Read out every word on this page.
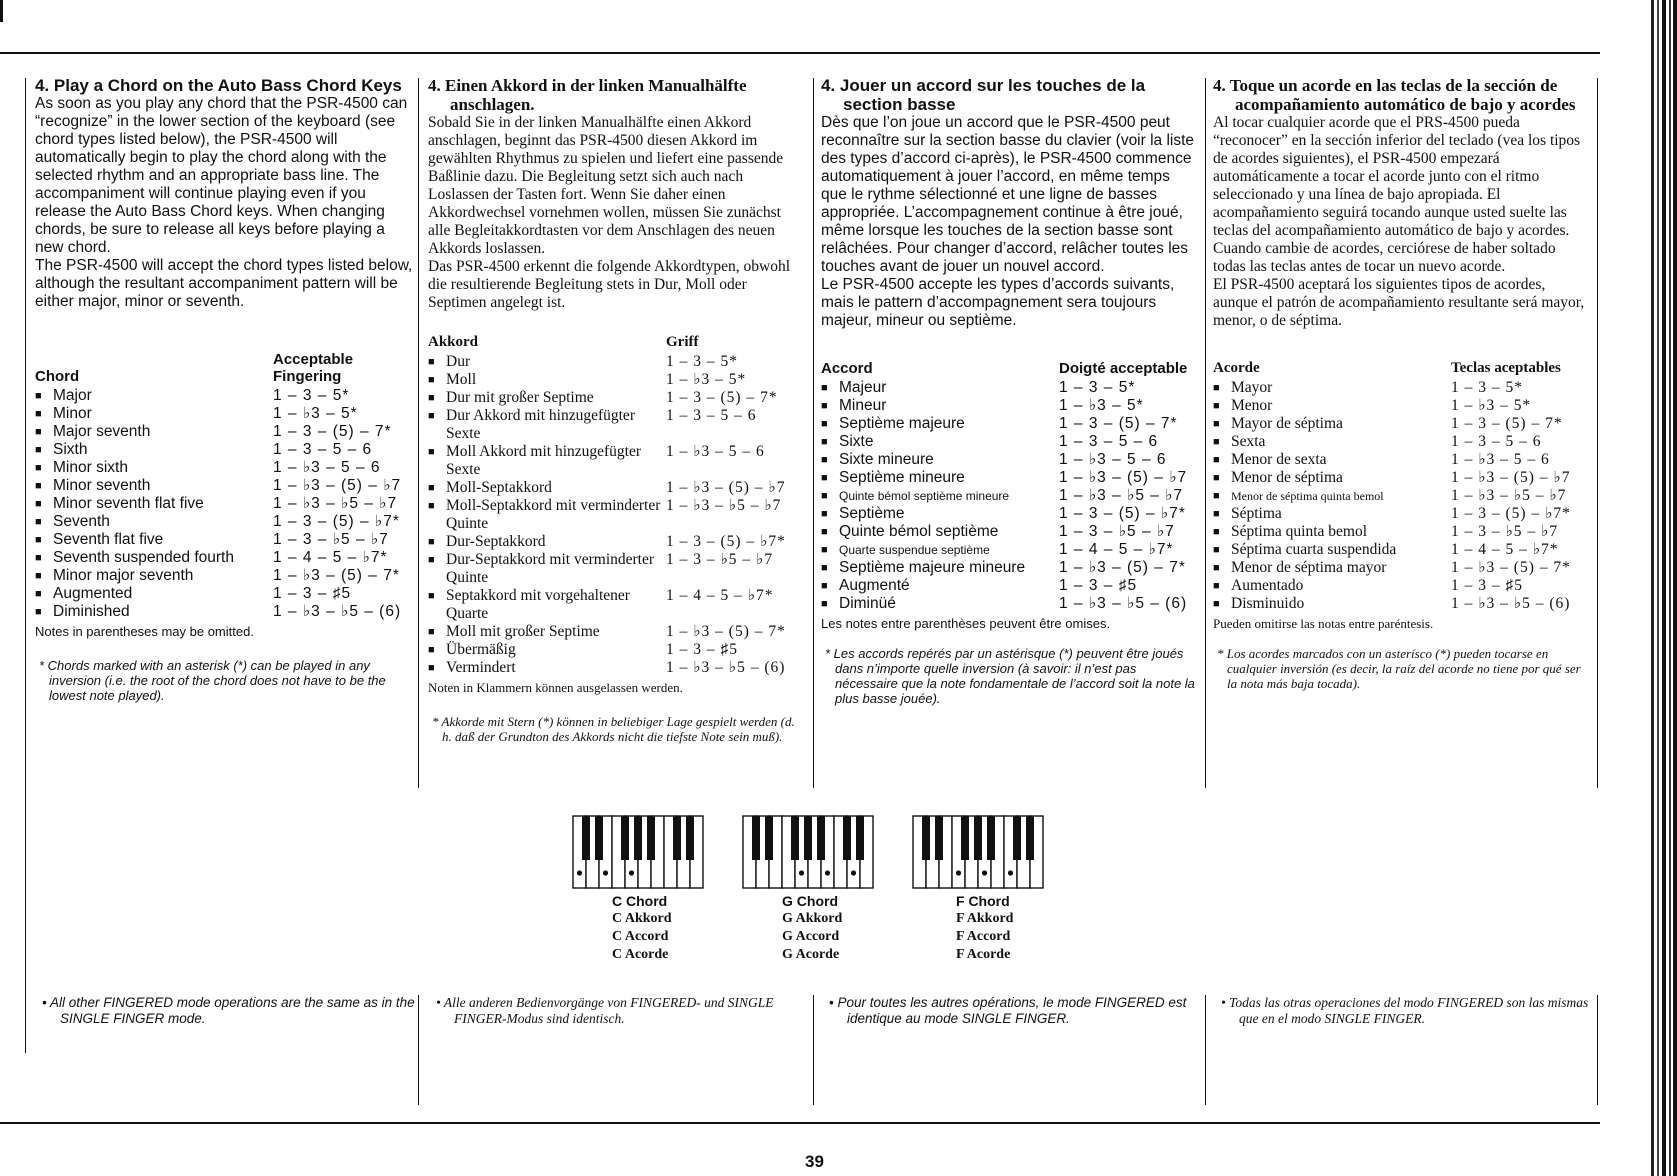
4. Play a Chord on the Auto Bass Chord Keys

As soon as you play any chord that the PSR-4500 can “recognize” in the lower section of the keyboard (see chord types listed below), the PSR-4500 will automatically begin to play the chord along with the selected rhythm and an appropriate bass line. The accompaniment will continue playing even if you release the Auto Bass Chord keys. When changing chords, be sure to release all keys before playing a new chord.

The PSR-4500 will accept the chord types listed below, although the resultant accompaniment pattern will be either major, minor or seventh.

Chord
Acceptable Fingering
■ Major	1 – 3 – 5*
■ Minor	1 – ♭3 – 5*
■ Major seventh	1 – 3 – (5) – 7*
■ Sixth	1 – 3 – 5 – 6
■ Minor sixth	1 – ♭3 – 5 – 6
■ Minor seventh	1 – ♭3 – (5) – ♭7
■ Minor seventh flat five	1 – ♭3 – ♭5 – ♭7
■ Seventh	1 – 3 – (5) – ♭7*
■ Seventh flat five	1 – 3 – ♭5 – ♭7
■ Seventh suspended fourth	1 – 4 – 5 – ♭7*
■ Minor major seventh	1 – ♭3 – (5) – 7*
■ Augmented	1 – 3 – ♯5
■ Diminished	1 – ♭3 – ♭5 – (6)
Notes in parentheses may be omitted.
* Chords marked with an asterisk (*) can be played in any inversion (i.e. the root of the chord does not have to be the lowest note played).
4. Einen Akkord in der linken Manualhälfte anschlagen.

Sobald Sie in der linken Manualhälfte einen Akkord anschlagen, beginnt das PSR-4500 diesen Akkord im gewählten Rhythmus zu spielen und liefert eine passende Baßlinie dazu. Die Begleitung setzt sich auch nach Loslassen der Tasten fort. Wenn Sie daher einen Akkordwechsel vornehmen wollen, müssen Sie zunächst alle Begleitakkordtasten vor dem Anschlagen des neuen Akkords loslassen.

Das PSR-4500 erkennt die folgende Akkordtypen, obwohl die resultierende Begleitung stets in Dur, Moll oder Septimen angelegt ist.

Akkord	Griff
■ Dur	1 – 3 – 5*
■ Moll	1 – ♭3 – 5*
■ Dur mit großer Septime	1 – 3 – (5) – 7*
■ Dur Akkord mit hinzugefügter Sexte
1 – 3 – 5 – 6
■ Moll Akkord mit hinzugefügter Sexte
1 – ♭3 – 5 – 6
■ Moll-Septakkord	1 – ♭3 – (5) – ♭7
■ Moll-Septakkord mit verminderter Quinte
1 – ♭3 – ♭5 – ♭7
■ Dur-Septakkord	1 – 3 – (5) – ♭7*
■ Dur-Septakkord mit verminderter Quinte
1 – 3 – ♭5 – ♭7
■ Septakkord mit vorgehaltener Quarte
1 – 4 – 5 – ♭7*
■ Moll mit großer Septime	1 – ♭3 – (5) – 7*
■ Übermäßig	1 – 3 – ♯5
■ Vermindert	1 – ♭3 – ♭5 – (6)
Noten in Klammern können ausgelassen werden.
* Akkorde mit Stern (*) können in beliebiger Lage gespielt werden (d. h. daß der Grundton des Akkords nicht die tiefste Note sein muß).
4. Jouer un accord sur les touches de la section basse

Dès que l’on joue un accord que le PSR-4500 peut reconnaître sur la section basse du clavier (voir la liste des types d’accord ci-après), le PSR-4500 commence automatiquement à jouer l’accord, en même temps que le rythme sélectionné et une ligne de basses appropriée. L’accompagnement continue à être joué, même lorsque les touches de la section basse sont relâchées. Pour changer d’accord, relâcher toutes les touches avant de jouer un nouvel accord.

Le PSR-4500 accepte les types d’accords suivants, mais le pattern d’accompagnement sera toujours majeur, mineur ou septième.

Accord	Doigté acceptable
■ Majeur	1 – 3 – 5*
■ Mineur	1 – ♭3 – 5*
■ Septième majeure	1 – 3 – (5) – 7*
■ Sixte	1 – 3 – 5 – 6
■ Sixte mineure	1 – ♭3 – 5 – 6
■ Septième mineure	1 – ♭3 – (5) – ♭7
■ Quinte bémol septième mineure	1 – ♭3 – ♭5 – ♭7
■ Septième	1 – 3 – (5) – ♭7*
■ Quinte bémol septième	1 – 3 – ♭5 – ♭7
■ Quarte suspendue septième	1 – 4 – 5 – ♭7*
■ Septième majeure mineure 1 – ♭3 – (5) – 7*
■ Augmenté	1 – 3 – ♯5
■ Diminüé	1 – ♭3 – ♭5 – (6)
Les notes entre parenthèses peuvent être omises.
* Les accords repérés par un astérisque (*) peuvent être joués dans n’importe quelle inversion (à savoir: il n’est pas nécessaire que la note fondamentale de l’accord soit la note la plus basse jouée).
4. Toque un acorde en las teclas de la sección de acompañamiento automático de bajo y acordes

Al tocar cualquier acorde que el PRS-4500 pueda “reconocer” en la sección inferior del teclado (vea los tipos de acordes siguientes), el PSR-4500 empezará automáticamente a tocar el acorde junto con el ritmo seleccionado y una línea de bajo apropiada. El acompañamiento seguirá tocando aunque usted suelte las teclas del acompañamiento automático de bajo y acordes. Cuando cambie de acordes, cerciórese de haber soltado todas las teclas antes de tocar un nuevo acorde.

El PSR-4500 aceptará los siguientes tipos de acordes, aunque el patrón de acompañamiento resultante será mayor, menor, o de séptima.

Acorde	Teclas aceptables
■ Mayor	1 – 3 – 5*
■ Menor	1 – ♭3 – 5*
■ Mayor de séptima	1 – 3 – (5) – 7*
■ Sexta	1 – 3 – 5 – 6
■ Menor de sexta	1 – ♭3 – 5 – 6
■ Menor de séptima	1 – ♭3 – (5) – ♭7
■ Menor de séptima quinta bemol	1 – ♭3 – ♭5 – ♭7
■ Séptima	1 – 3 – (5) – ♭7*
■ Séptima quinta bemol	1 – 3 – ♭5 – ♭7
■ Séptima cuarta suspendida	1 – 4 – 5 – ♭7*
■ Menor de séptima mayor	1 – ♭3 – (5) – 7*
■ Aumentado	1 – 3 – ♯5
■ Disminuido	1 – ♭3 – ♭5 – (6)
Pueden omitirse las notas entre paréntesis.
* Los acordes marcados con un asterísco (*) pueden tocarse en cualquier inversión (es decir, la raíz del acorde no tiene por qué ser la nota más baja tocada).
C Chord
C Akkord
C Accord
C Acorde
G Chord
G Akkord
G Accord
G Acorde
F Chord
F Akkord
F Accord
F Acorde
• All other FINGERED mode operations are the same as in the SINGLE FINGER mode.
• Alle anderen Bedienvorgänge von FINGERED- und SINGLE FINGER-Modus sind identisch.
• Pour toutes les autres opérations, le mode FINGERED est identique au mode SINGLE FINGER.
• Todas las otras operaciones del modo FINGERED son las mismas que en el modo SINGLE FINGER.
39
